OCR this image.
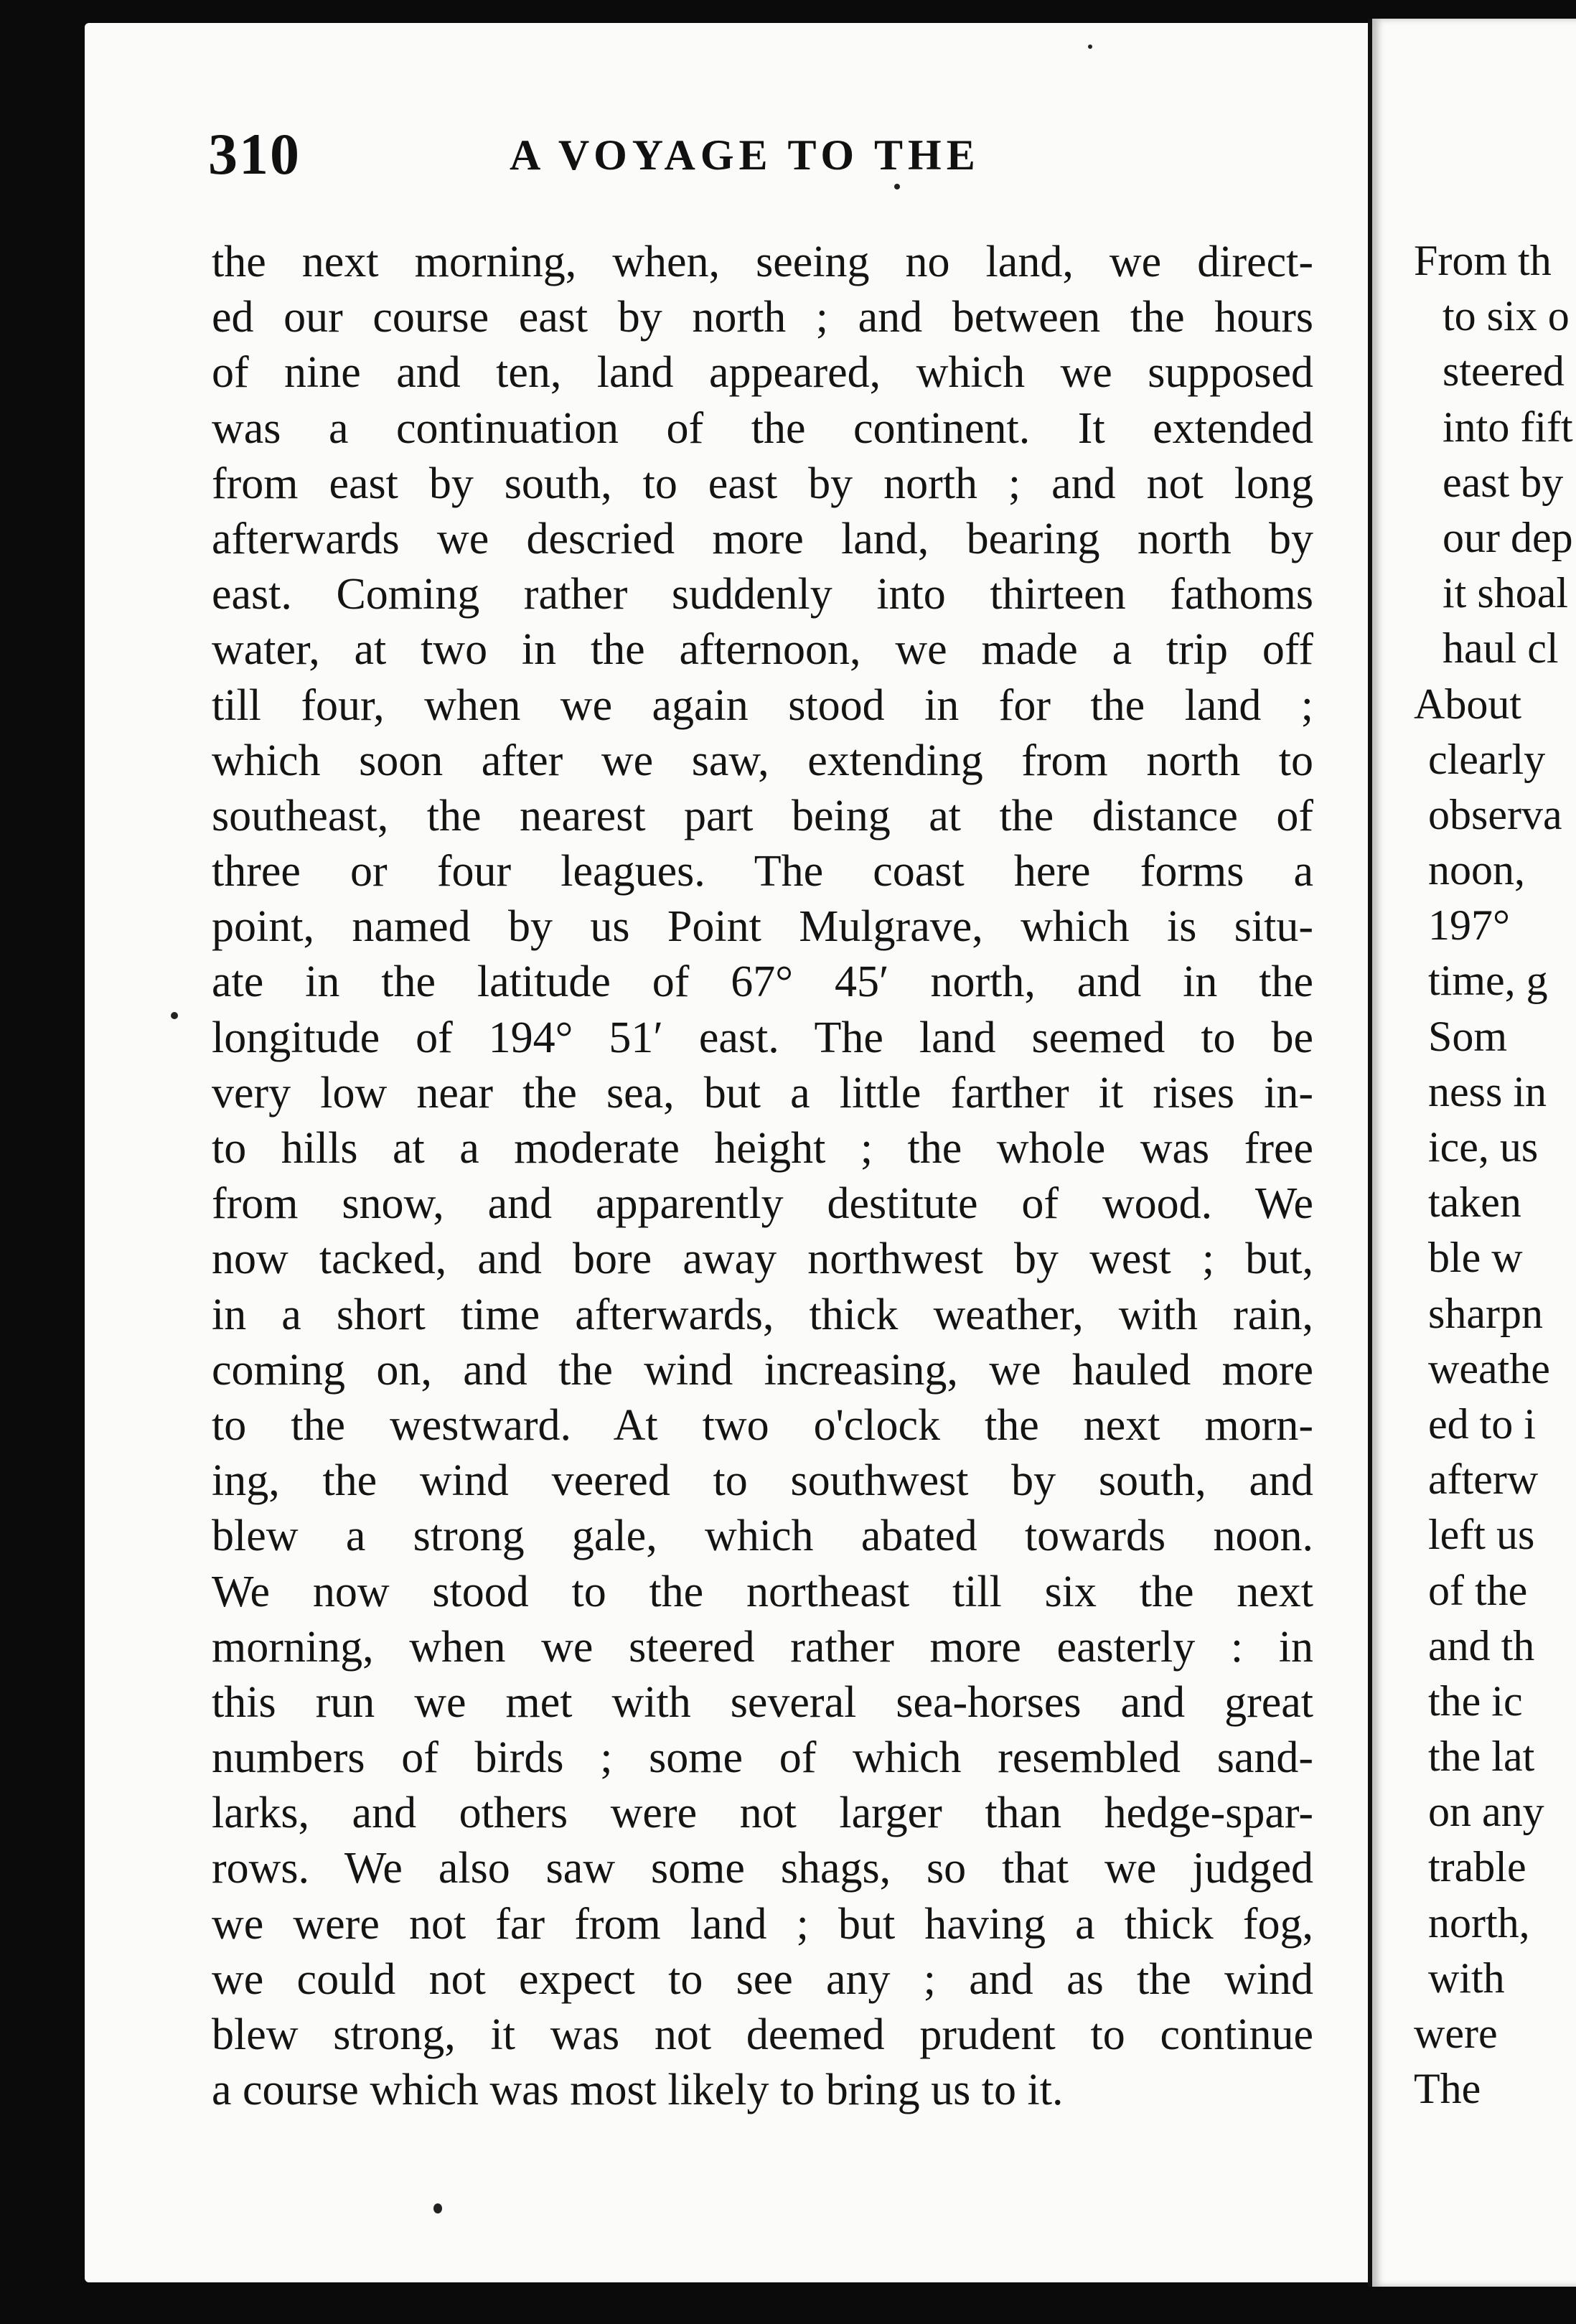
310	A VOYAGE TO THE
the next morning, when, seeing no land, we direct-
ed our course east by north ; and between the hours
of nine and ten, land appeared, which we supposed
was a continuation of the continent. It extended
from east by south, to east by north ; and not long
afterwards we descried more land, bearing north by
east. Coming rather suddenly into thirteen fathoms
water, at two in the afternoon, we made a trip off
till four, when we again stood in for the land ;
which soon after we saw, extending from north to
southeast, the nearest part being at the distance of
three or four leagues. The coast here forms a
point, named by us Point Mulgrave, which is situ-
ate in the latitude of 67° 45′ north, and in the
longitude of 194° 51′ east. The land seemed to be
very low near the sea, but a little farther it rises in-
to hills at a moderate height ; the whole was free
from snow, and apparently destitute of wood. We
now tacked, and bore away northwest by west ; but,
in a short time afterwards, thick weather, with rain,
coming on, and the wind increasing, we hauled more
to the westward. At two o'clock the next morn-
ing, the wind veered to southwest by south, and
blew a strong gale, which abated towards noon.
We now stood to the northeast till six the next
morning, when we steered rather more easterly : in
this run we met with several sea-horses and great
numbers of birds ; some of which resembled sand-
larks, and others were not larger than hedge-spar-
rows. We also saw some shags, so that we judged
we were not far from land ; but having a thick fog,
we could not expect to see any ; and as the wind
blew strong, it was not deemed prudent to continue
a course which was most likely to bring us to it.
From th
to six o
steered
into fift
east by
our dep
it shoal
haul cl
About
clearly
observa
noon,
197°
time, g
Som
ness in
ice, us
taken
ble w
sharpn
weathe
ed to i
afterw
left us
of the
and th
the ic
the lat
on any
trable
north,
with
were
The
